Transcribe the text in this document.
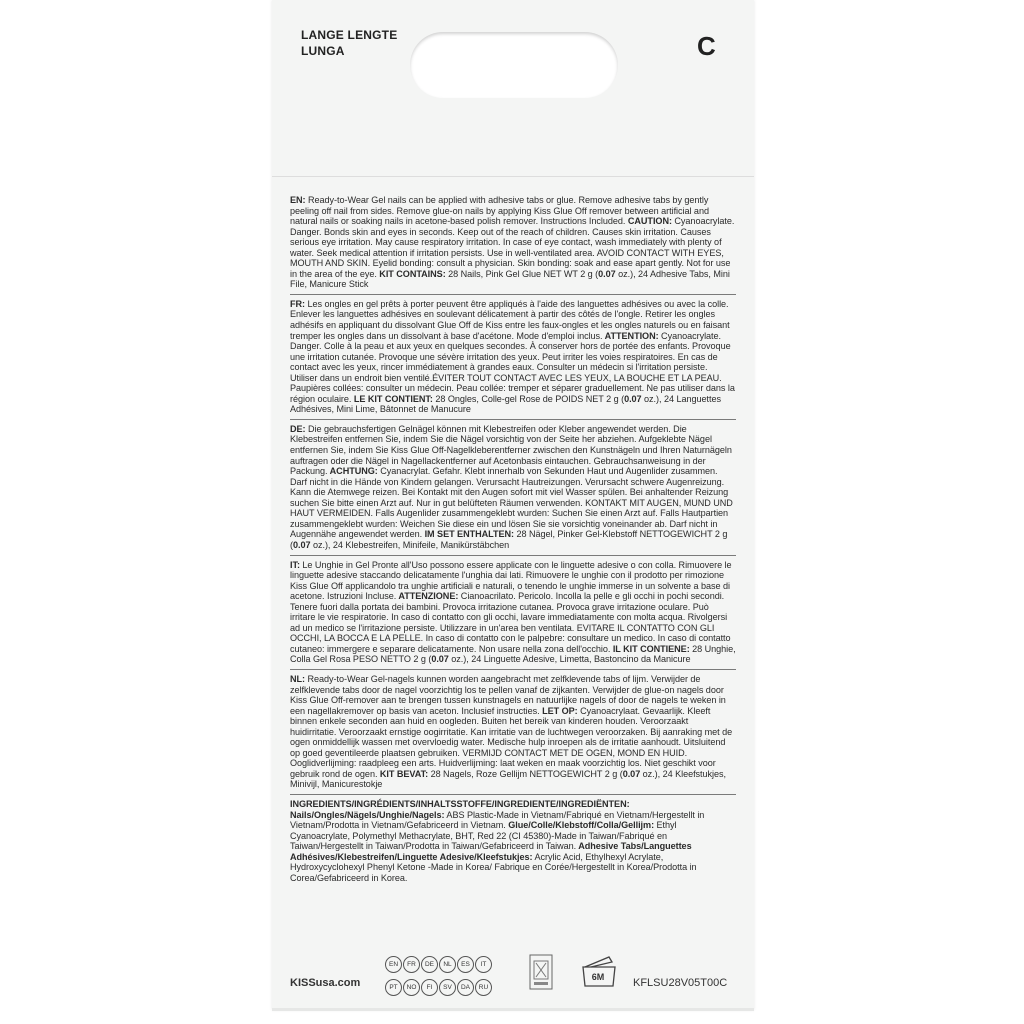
LANGE LENGTE
LUNGA	C

EN: Ready-to-Wear Gel nails can be applied with adhesive tabs or glue. Remove adhesive tabs by gently peeling off nail from sides. Remove glue-on nails by applying Kiss Glue Off remover between artificial and natural nails or soaking nails in acetone-based polish remover. Instructions Included. CAUTION: Cyanoacrylate. Danger. Bonds skin and eyes in seconds. Keep out of the reach of children. Causes skin irritation. Causes serious eye irritation. May cause respiratory irritation. In case of eye contact, wash immediately with plenty of water. Seek medical attention if irritation persists. Use in well-ventilated area. AVOID CONTACT WITH EYES, MOUTH AND SKIN. Eyelid bonding: consult a physician. Skin bonding: soak and ease apart gently. Not for use in the area of the eye. KIT CONTAINS: 28 Nails, Pink Gel Glue NET WT 2 g (0.07 oz.), 24 Adhesive Tabs, Mini File, Manicure Stick

FR: Les ongles en gel prêts à porter peuvent être appliqués à l'aide des languettes adhésives ou avec la colle. Enlever les languettes adhésives en soulevant délicatement à partir des côtés de l'ongle. Retirer les ongles adhésifs en appliquant du dissolvant Glue Off de Kiss entre les faux-ongles et les ongles naturels ou en faisant tremper les ongles dans un dissolvant à base d'acétone. Mode d'emploi inclus. ATTENTION: Cyanoacrylate. Danger. Colle à la peau et aux yeux en quelques secondes. À conserver hors de portée des enfants. Provoque une irritation cutanée. Provoque une sévère irritation des yeux. Peut irriter les voies respiratoires. En cas de contact avec les yeux, rincer immédiatement à grandes eaux. Consulter un médecin si l'irritation persiste. Utiliser dans un endroit bien ventilé.ÉVITER TOUT CONTACT AVEC LES YEUX, LA BOUCHE ET LA PEAU. Paupières collées: consulter un médecin. Peau collée: tremper et séparer graduellement. Ne pas utiliser dans la région oculaire. LE KIT CONTIENT: 28 Ongles, Colle-gel Rose de POIDS NET 2 g (0.07 oz.), 24 Languettes Adhésives, Mini Lime, Bâtonnet de Manucure

DE: Die gebrauchsfertigen Gelnägel können mit Klebestreifen oder Kleber angewendet werden. Die Klebestreifen entfernen Sie, indem Sie die Nägel vorsichtig von der Seite her abziehen. Aufgeklebte Nägel entfernen Sie, indem Sie Kiss Glue Off-Nagelkleberentferner zwischen den Kunstnägeln und Ihren Naturnägeln auftragen oder die Nägel in Nagellackentferner auf Acetonbasis eintauchen. Gebrauchsanweisung in der Packung. ACHTUNG: Cyanacrylat. Gefahr. Klebt innerhalb von Sekunden Haut und Augenlider zusammen. Darf nicht in die Hände von Kindern gelangen. Verursacht Hautreizungen. Verursacht schwere Augenreizung. Kann die Atemwege reizen. Bei Kontakt mit den Augen sofort mit viel Wasser spülen. Bei anhaltender Reizung suchen Sie bitte einen Arzt auf. Nur in gut belüfteten Räumen verwenden. KONTAKT MIT AUGEN, MUND UND HAUT VERMEIDEN. Falls Augenlider zusammengeklebt wurden: Suchen Sie einen Arzt auf. Falls Hautpartien zusammengeklebt wurden: Weichen Sie diese ein und lösen Sie sie vorsichtig voneinander ab. Darf nicht in Augennähe angewendet werden. IM SET ENTHALTEN: 28 Nägel, Pinker Gel-Klebstoff NETTOGEWICHT 2 g (0.07 oz.), 24 Klebestreifen, Minifeile, Manikürstäbchen

IT: Le Unghie in Gel Pronte all'Uso possono essere applicate con le linguette adesive o con colla. Rimuovere le linguette adesive staccando delicatamente l'unghia dai lati. Rimuovere le unghie con il prodotto per rimozione Kiss Glue Off applicandolo tra unghie artificiali e naturali, o tenendo le unghie immerse in un solvente a base di acetone. Istruzioni Incluse. ATTENZIONE: Cianoacrilato. Pericolo. Incolla la pelle e gli occhi in pochi secondi. Tenere fuori dalla portata dei bambini. Provoca irritazione cutanea. Provoca grave irritazione oculare. Può irritare le vie respiratorie. In caso di contatto con gli occhi, lavare immediatamente con molta acqua. Rivolgersi ad un medico se l'irritazione persiste. Utilizzare in un'area ben ventilata. EVITARE IL CONTATTO CON GLI OCCHI, LA BOCCA E LA PELLE. In caso di contatto con le palpebre: consultare un medico. In caso di contatto cutaneo: immergere e separare delicatamente. Non usare nella zona dell'occhio. IL KIT CONTIENE: 28 Unghie, Colla Gel Rosa PESO NETTO 2 g (0.07 oz.), 24 Linguette Adesive, Limetta, Bastoncino da Manicure

NL: Ready-to-Wear Gel-nagels kunnen worden aangebracht met zelfklevende tabs of lijm. Verwijder de zelfklevende tabs door de nagel voorzichtig los te pellen vanaf de zijkanten. Verwijder de glue-on nagels door Kiss Glue Off-remover aan te brengen tussen kunstnagels en natuurlijke nagels of door de nagels te weken in een nagellakremover op basis van aceton. Inclusief instructies. LET OP: Cyanoacrylaat. Gevaarlijk. Kleeft binnen enkele seconden aan huid en oogleden. Buiten het bereik van kinderen houden. Veroorzaakt huidirritatie. Veroorzaakt ernstige oogirritatie. Kan irritatie van de luchtwegen veroorzaken. Bij aanraking met de ogen onmiddellijk wassen met overvloedig water. Medische hulp inroepen als de irritatie aanhoudt. Uitsluitend op goed geventileerde plaatsen gebruiken. VERMIJD CONTACT MET DE OGEN, MOND EN HUID. Ooglidverlijming: raadpleeg een arts. Huidverlijming: laat weken en maak voorzichtig los. Niet geschikt voor gebruik rond de ogen. KIT BEVAT: 28 Nagels, Roze Gellijm NETTOGEWICHT 2 g (0.07 oz.), 24 Kleefstukjes, Minivijl, Manicurestokje

INGREDIENTS/INGRÉDIENTS/INHALTSSTOFFE/INGREDIENTE/INGREDIËNTEN:

Nails/Ongles/Nägels/Unghie/Nagels: ABS Plastic-Made in Vietnam/Fabriqué en Vietnam/Hergestellt in Vietnam/Prodotta in Vietnam/Gefabriceerd in Vietnam. Glue/Colle/Klebstoff/Colla/Gellijm: Ethyl Cyanoacrylate, Polymethyl Methacrylate, BHT, Red 22 (CI 45380)-Made in Taiwan/Fabriqué en Taiwan/Hergestellt in Taiwan/Prodotta in Taiwan/Gefabriceerd in Taiwan. Adhesive Tabs/Languettes Adhésives/Klebestreifen/Linguette Adesive/Kleefstukjes: Acrylic Acid, Ethylhexyl Acrylate, Hydroxycyclohexyl Phenyl Ketone -Made in Korea/ Fabrique en Corée/Hergestellt in Korea/Prodotta in Corea/Gefabriceerd in Korea.

KISSusa.com
EN FR DE NL ES IT
PT NO FI SV DA RU
6M	KFLSU28V05T00C
